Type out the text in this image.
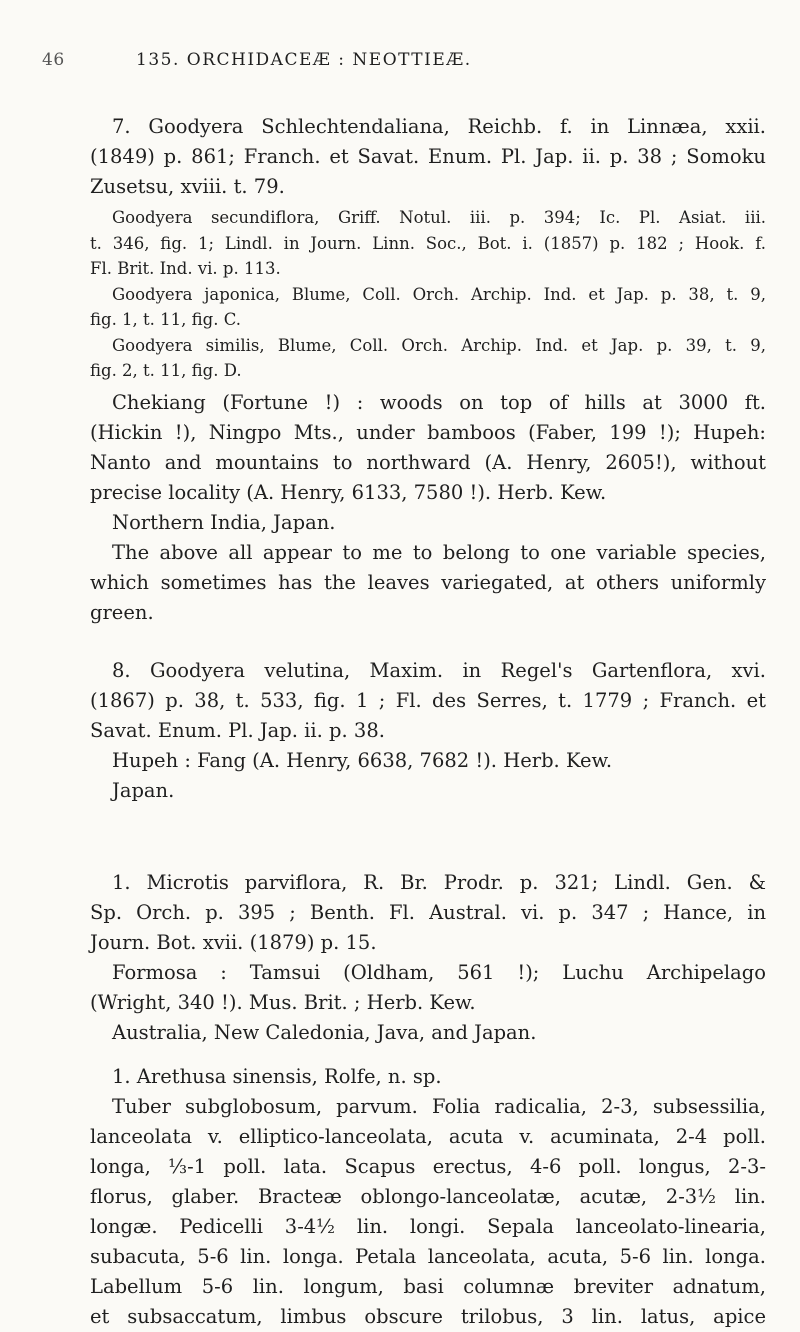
46	135. ORCHIDACEÆ : NEOTTIEÆ.

7. Goodyera Schlechtendaliana, Reichb. f. in Linnæa, xxii.
(1849) p. 861; Franch. et Savat. Enum. Pl. Jap. ii. p. 38 ; Somoku
Zusetsu, xviii. t. 79.

Goodyera secundiflora, Griff. Notul. iii. p. 394; Ic. Pl. Asiat. iii.
t. 346, fig. 1; Lindl. in Journ. Linn. Soc., Bot. i. (1857) p. 182 ; Hook. f.
Fl. Brit. Ind. vi. p. 113.
Goodyera japonica, Blume, Coll. Orch. Archip. Ind. et Jap. p. 38, t. 9,
fig. 1, t. 11, fig. C.
Goodyera similis, Blume, Coll. Orch. Archip. Ind. et Jap. p. 39, t. 9,
fig. 2, t. 11, fig. D.

Chekiang (Fortune !) : woods on top of hills at 3000 ft.
(Hickin !), Ningpo Mts., under bamboos (Faber, 199 !); Hupeh:
Nanto and mountains to northward (A. Henry, 2605!), without
precise locality (A. Henry, 6133, 7580 !). Herb. Kew.
Northern India, Japan.

The above all appear to me to belong to one variable species,
which sometimes has the leaves variegated, at others uniformly
green.

8. Goodyera velutina, Maxim. in Regel's Gartenflora, xvi.
(1867) p. 38, t. 533, fig. 1 ; Fl. des Serres, t. 1779 ; Franch. et
Savat. Enum. Pl. Jap. ii. p. 38.

Hupeh : Fang (A. Henry, 6638, 7682 !). Herb. Kew.
Japan.

1. Microtis parviflora, R. Br. Prodr. p. 321; Lindl. Gen. &
Sp. Orch. p. 395 ; Benth. Fl. Austral. vi. p. 347 ; Hance, in
Journ. Bot. xvii. (1879) p. 15.

Formosa : Tamsui (Oldham, 561 !); Luchu Archipelago
(Wright, 340 !). Mus. Brit. ; Herb. Kew.
Australia, New Caledonia, Java, and Japan.

1. Arethusa sinensis, Rolfe, n. sp.

Tuber subglobosum, parvum. Folia radicalia, 2-3, subsessilia,
lanceolata v. elliptico-lanceolata, acuta v. acuminata, 2-4 poll.
longa, ⅓-1 poll. lata. Scapus erectus, 4-6 poll. longus, 2-3-
florus, glaber. Bracteæ oblongo-lanceolatæ, acutæ, 2-3½ lin.
longæ. Pedicelli 3-4½ lin. longi. Sepala lanceolato-linearia,
subacuta, 5-6 lin. longa. Petala lanceolata, acuta, 5-6 lin. longa.
Labellum 5-6 lin. longum, basi columnæ breviter adnatum,
et subsaccatum, limbus obscure trilobus, 3 lin. latus, apice
